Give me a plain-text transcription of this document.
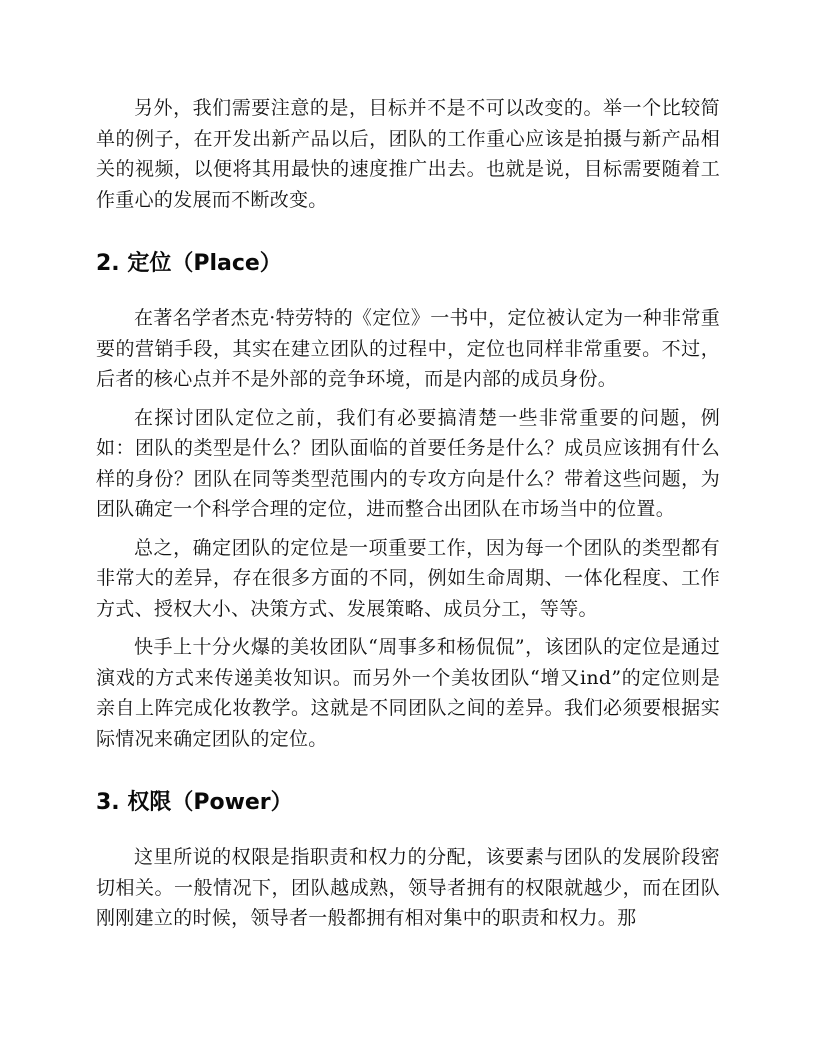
另外，我们需要注意的是，目标并不是不可以改变的。举一个比较简单的例子，在开发出新产品以后，团队的工作重心应该是拍摄与新产品相关的视频，以便将其用最快的速度推广出去。也就是说，目标需要随着工作重心的发展而不断改变。

2. 定位（Place）

在著名学者杰克·特劳特的《定位》一书中，定位被认定为一种非常重要的营销手段，其实在建立团队的过程中，定位也同样非常重要。不过，后者的核心点并不是外部的竞争环境，而是内部的成员身份。

在探讨团队定位之前，我们有必要搞清楚一些非常重要的问题，例如：团队的类型是什么？团队面临的首要任务是什么？成员应该拥有什么样的身份？团队在同等类型范围内的专攻方向是什么？带着这些问题，为团队确定一个科学合理的定位，进而整合出团队在市场当中的位置。

总之，确定团队的定位是一项重要工作，因为每一个团队的类型都有非常大的差异，存在很多方面的不同，例如生命周期、一体化程度、工作方式、授权大小、决策方式、发展策略、成员分工，等等。

快手上十分火爆的美妆团队“周事多和杨侃侃”，该团队的定位是通过演戏的方式来传递美妆知识。而另外一个美妆团队“增又ind”的定位则是亲自上阵完成化妆教学。这就是不同团队之间的差异。我们必须要根据实际情况来确定团队的定位。

3. 权限（Power）

这里所说的权限是指职责和权力的分配，该要素与团队的发展阶段密切相关。一般情况下，团队越成熟，领导者拥有的权限就越少，而在团队刚刚建立的时候，领导者一般都拥有相对集中的职责和权力。那
